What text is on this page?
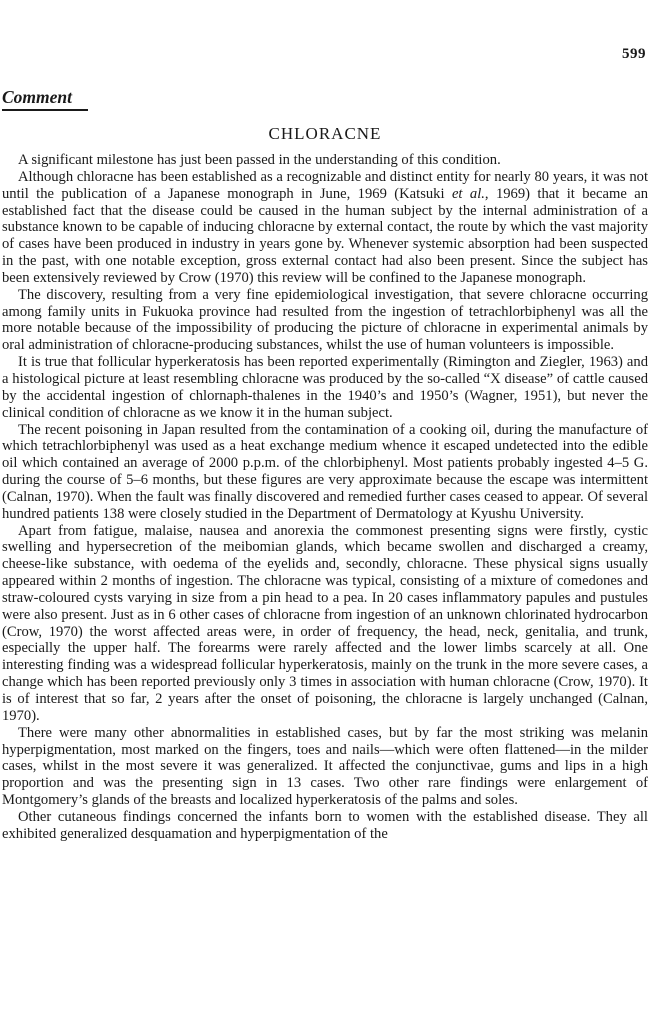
599
Comment
CHLORACNE

A significant milestone has just been passed in the understanding of this condition.

Although chloracne has been established as a recognizable and distinct entity for nearly 80 years, it was not until the publication of a Japanese monograph in June, 1969 (Katsuki et al., 1969) that it became an established fact that the disease could be caused in the human subject by the internal administration of a substance known to be capable of inducing chloracne by external contact, the route by which the vast majority of cases have been produced in industry in years gone by. Whenever systemic absorption had been suspected in the past, with one notable exception, gross external contact had also been present. Since the subject has been extensively reviewed by Crow (1970) this review will be confined to the Japanese monograph.

The discovery, resulting from a very fine epidemiological investigation, that severe chloracne occurring among family units in Fukuoka province had resulted from the ingestion of tetrachlorbiphenyl was all the more notable because of the impossibility of producing the picture of chloracne in experimental animals by oral administration of chloracne-producing substances, whilst the use of human volunteers is impossible.

It is true that follicular hyperkeratosis has been reported experimentally (Rimington and Ziegler, 1963) and a histological picture at least resembling chloracne was produced by the so-called “X disease” of cattle caused by the accidental ingestion of chlornaph-thalenes in the 1940’s and 1950’s (Wagner, 1951), but never the clinical condition of chloracne as we know it in the human subject.

The recent poisoning in Japan resulted from the contamination of a cooking oil, during the manufacture of which tetrachlorbiphenyl was used as a heat exchange medium whence it escaped undetected into the edible oil which contained an average of 2000 p.p.m. of the chlorbiphenyl. Most patients probably ingested 4–5 G. during the course of 5–6 months, but these figures are very approximate because the escape was intermittent (Calnan, 1970). When the fault was finally discovered and remedied further cases ceased to appear. Of several hundred patients 138 were closely studied in the Department of Dermatology at Kyushu University.

Apart from fatigue, malaise, nausea and anorexia the commonest presenting signs were firstly, cystic swelling and hypersecretion of the meibomian glands, which became swollen and discharged a creamy, cheese-like substance, with oedema of the eyelids and, secondly, chloracne. These physical signs usually appeared within 2 months of ingestion. The chloracne was typical, consisting of a mixture of comedones and straw-coloured cysts varying in size from a pin head to a pea. In 20 cases inflammatory papules and pustules were also present. Just as in 6 other cases of chloracne from ingestion of an unknown chlorinated hydrocarbon (Crow, 1970) the worst affected areas were, in order of frequency, the head, neck, genitalia, and trunk, especially the upper half. The forearms were rarely affected and the lower limbs scarcely at all. One interesting finding was a widespread follicular hyperkeratosis, mainly on the trunk in the more severe cases, a change which has been reported previously only 3 times in association with human chloracne (Crow, 1970). It is of interest that so far, 2 years after the onset of poisoning, the chloracne is largely unchanged (Calnan, 1970).

There were many other abnormalities in established cases, but by far the most striking was melanin hyperpigmentation, most marked on the fingers, toes and nails—which were often flattened—in the milder cases, whilst in the most severe it was generalized. It affected the conjunctivae, gums and lips in a high proportion and was the presenting sign in 13 cases. Two other rare findings were enlargement of Montgomery’s glands of the breasts and localized hyperkeratosis of the palms and soles.

Other cutaneous findings concerned the infants born to women with the established disease. They all exhibited generalized desquamation and hyperpigmentation of the
